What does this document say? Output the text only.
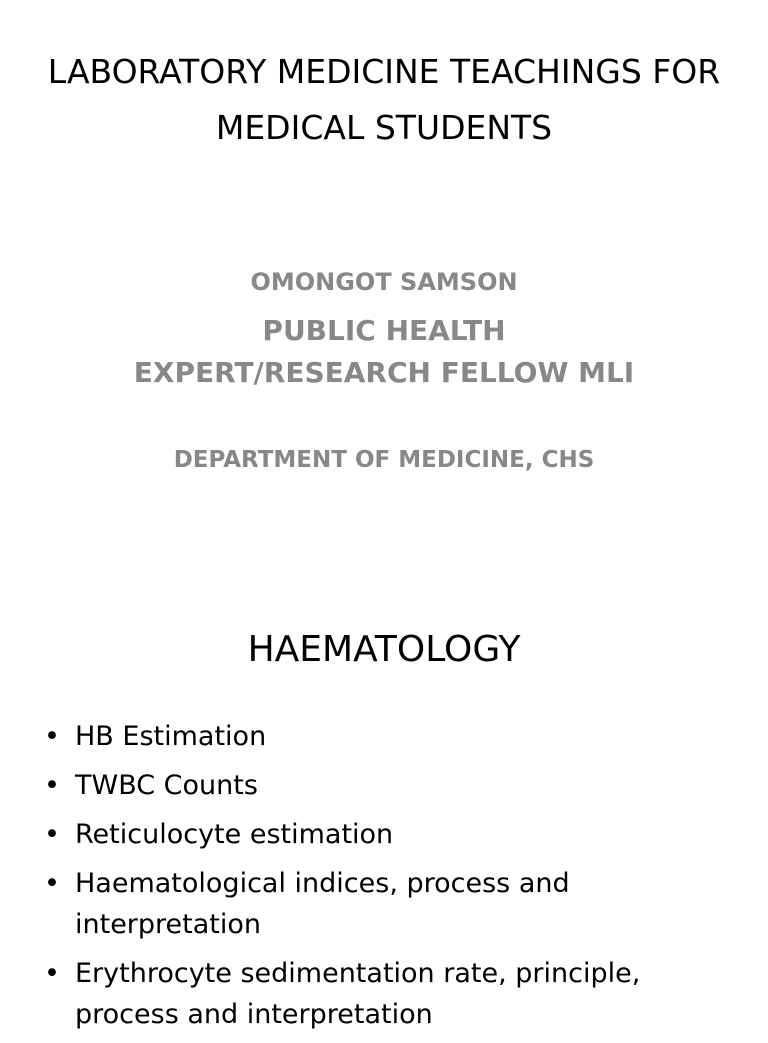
LABORATORY MEDICINE TEACHINGS FOR MEDICAL STUDENTS

OMONGOT SAMSON

PUBLIC HEALTH
EXPERT/RESEARCH FELLOW MLI

DEPARTMENT OF MEDICINE, CHS

HAEMATOLOGY
• HB Estimation
• TWBC Counts
• Reticulocyte estimation
• Haematological indices, process and interpretation
• Erythrocyte sedimentation rate, principle, process and interpretation
